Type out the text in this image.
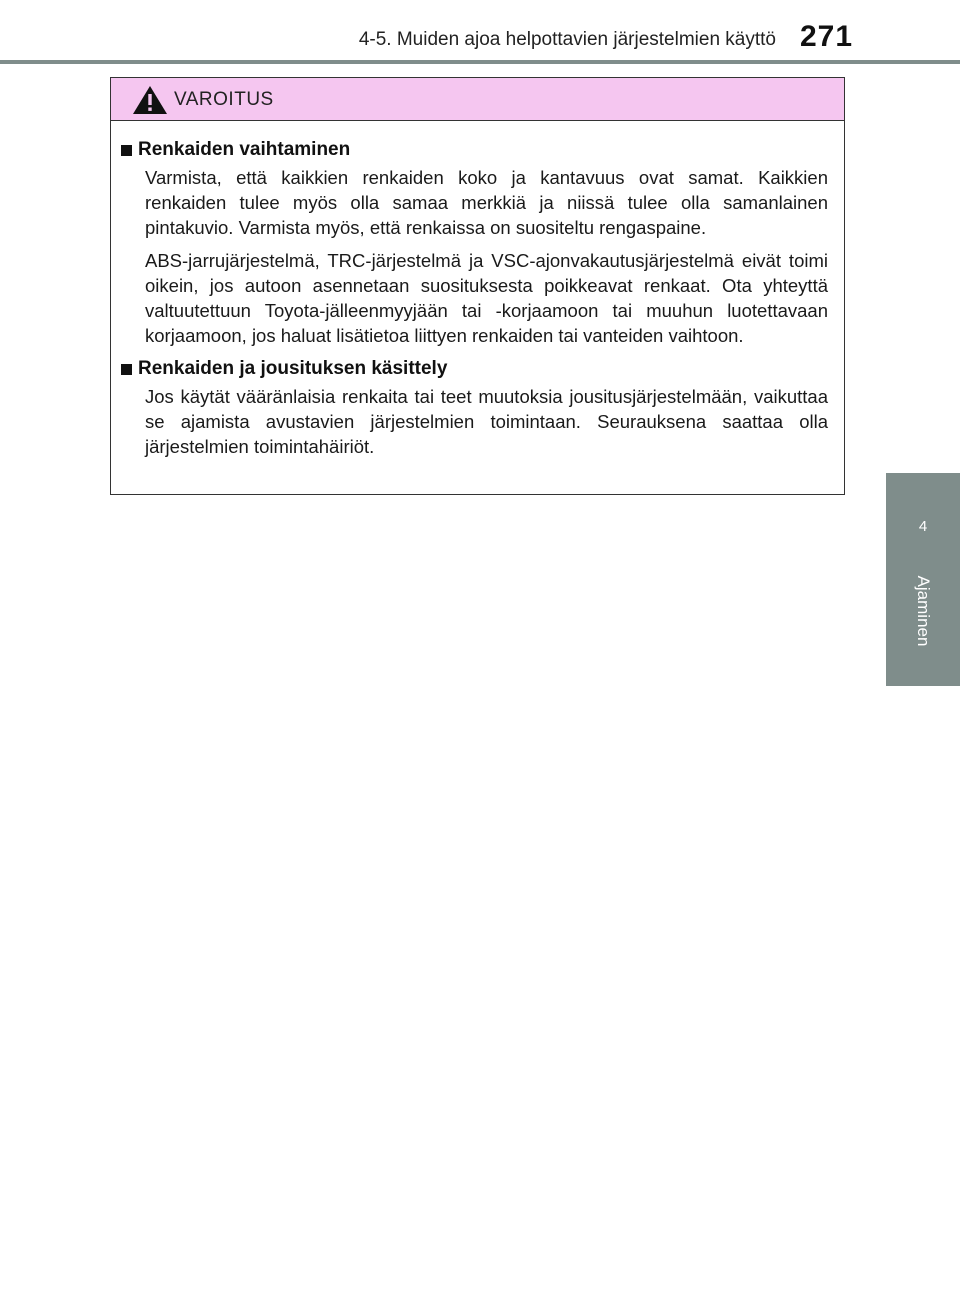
4-5. Muiden ajoa helpottavien järjestelmien käyttö 271
4
Ajaminen
VAROITUS
Renkaiden vaihtaminen

Varmista, että kaikkien renkaiden koko ja kantavuus ovat samat. Kaikkien renkaiden tulee myös olla samaa merkkiä ja niissä tulee olla samanlainen pintakuvio. Varmista myös, että renkaissa on suositeltu rengaspaine.

ABS-jarrujärjestelmä, TRC-järjestelmä ja VSC-ajonvakautusjärjestelmä eivät toimi oikein, jos autoon asennetaan suosituksesta poikkeavat renkaat. Ota yhteyttä valtuutettuun Toyota-jälleenmyyjään tai -korjaamoon tai muuhun luotettavaan korjaamoon, jos haluat lisätietoa liittyen renkaiden tai vanteiden vaihtoon.

Renkaiden ja jousituksen käsittely

Jos käytät vääränlaisia renkaita tai teet muutoksia jousitusjärjestelmään, vaikuttaa se ajamista avustavien järjestelmien toimintaan. Seurauksena saattaa olla järjestelmien toimintahäiriöt.
